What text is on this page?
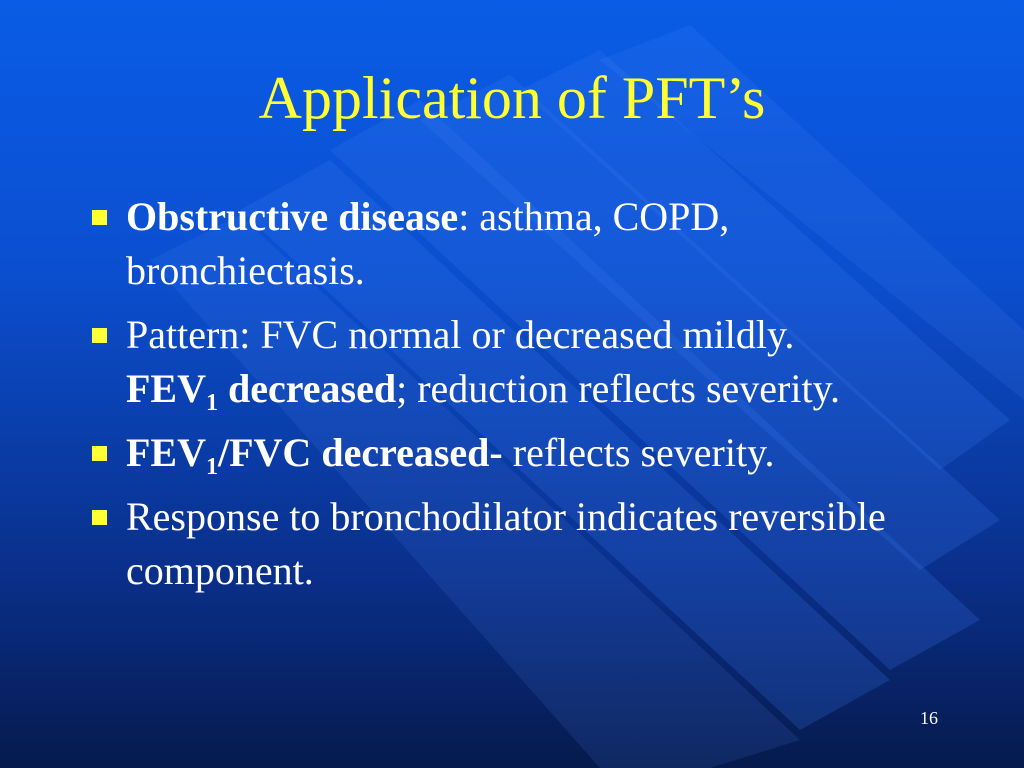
Application of PFT’s
Obstructive disease: asthma, COPD, bronchiectasis.
Pattern: FVC normal or decreased mildly.
$FEV_1$ decreased; reduction reflects severity.
$FEV_1$/FVC decreased- reflects severity.
Response to bronchodilator indicates reversible component.
16
